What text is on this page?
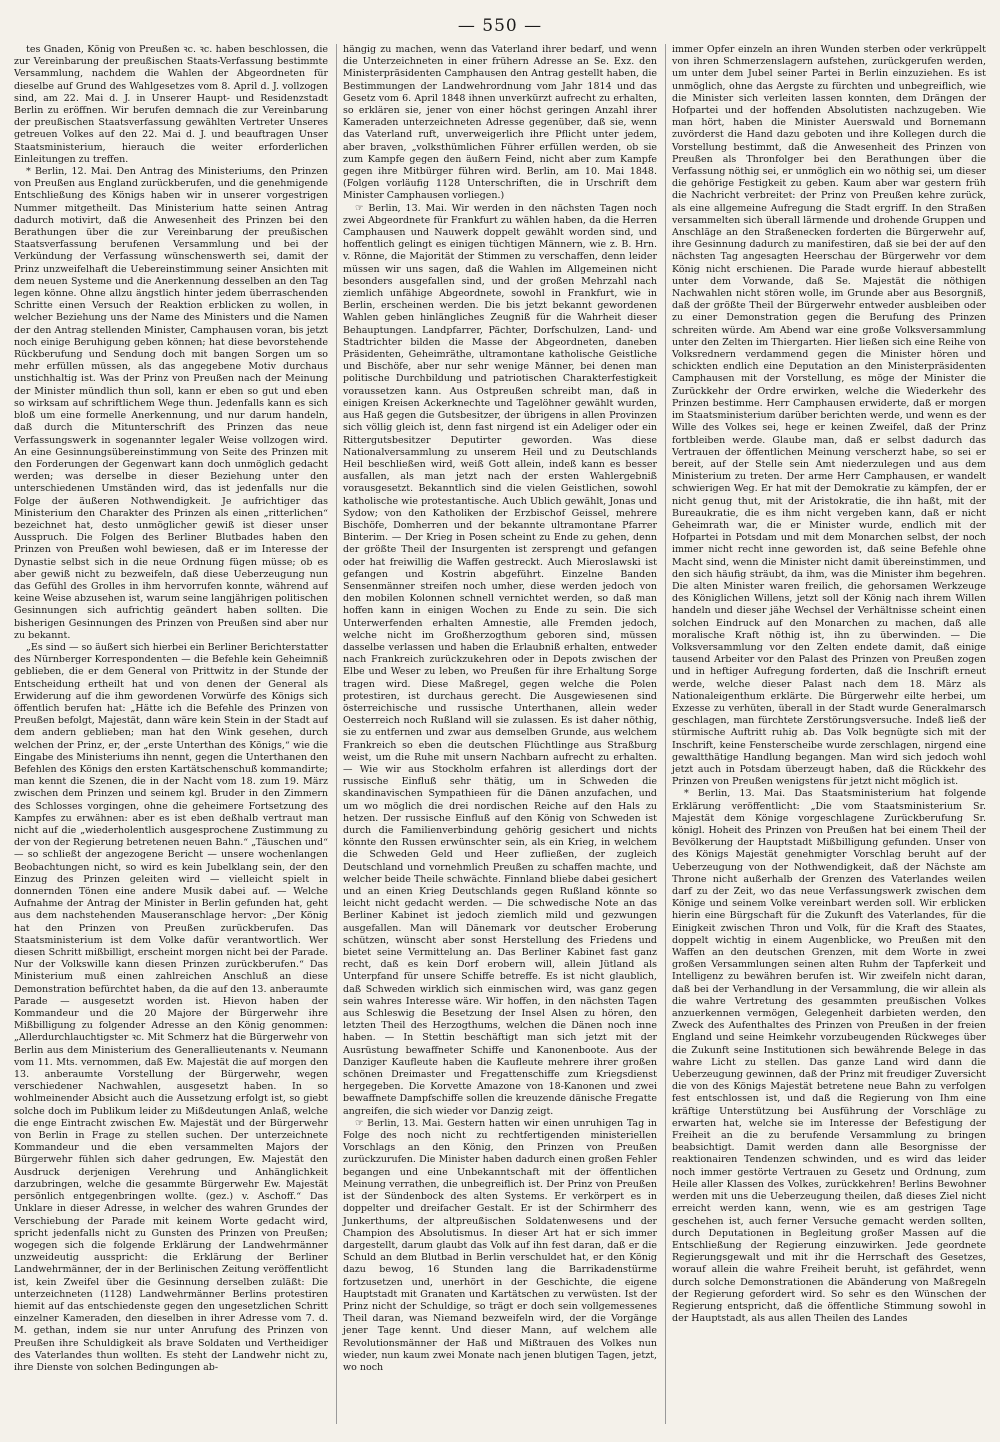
— 550 —

tes Gnaden, König von Preußen ꝛc. ꝛc. haben beschlossen, die zur Vereinbarung der preußischen Staats-Verfassung bestimmte Versammlung, nachdem die Wahlen der Abgeordneten für dieselbe auf Grund des Wahlgesetzes vom 8. April d. J. vollzogen sind, am 22. Mai d. J. in Unserer Haupt- und Residenzstadt Berlin zu eröffnen. Wir berufen demnach die zur Vereinbarung der preußischen Staatsverfassung gewählten Vertreter Unseres getreuen Volkes auf den 22. Mai d. J. und beauftragen Unser Staatsministerium, hierauch die weiter erforderlichen Einleitungen zu treffen.

* Berlin, 12. Mai. Den Antrag des Ministeriums, den Prinzen von Preußen aus England zurückberufen, und die genehmigende Entschließung des Königs haben wir in unserer vorgestrigen Nummer mitgetheilt. Das Ministerium hatte seinen Antrag dadurch motivirt, daß die Anwesenheit des Prinzen bei den Berathungen über die zur Vereinbarung der preußischen Staatsverfassung berufenen Versammlung und bei der Verkündung der Verfassung wünschenswerth sei, damit der Prinz unzweifelhaft die Uebereinstimmung seiner Ansichten mit dem neuen Systeme und die Anerkennung desselben an den Tag legen könne. Ohne allzu ängstlich hinter jedem überraschenden Schritte einen Versuch der Reaktion erblicken zu wollen, in welcher Beziehung uns der Name des Ministers und die Namen der den Antrag stellenden Minister, Camphausen voran, bis jetzt noch einige Beruhigung geben können; hat diese bevorstehende Rückberufung und Sendung doch mit bangen Sorgen um so mehr erfüllen müssen, als das angegebene Motiv durchaus unstichhaltig ist. Was der Prinz von Preußen nach der Meinung der Minister mündlich thun soll, kann er eben so gut und eben so wirksam auf schriftlichem Wege thun. Jedenfalls kann es sich bloß um eine formelle Anerkennung, und nur darum handeln, daß durch die Mitunterschrift des Prinzen das neue Verfassungswerk in sogenannter legaler Weise vollzogen wird. An eine Gesinnungsübereinstimmung von Seite des Prinzen mit den Forderungen der Gegenwart kann doch unmöglich gedacht werden; was derselbe in dieser Beziehung unter den unterschiedenen Umständen wird, das ist jedenfalls nur die Folge der äußeren Nothwendigkeit. Je aufrichtiger das Ministerium den Charakter des Prinzen als einen „ritterlichen“ bezeichnet hat, desto unmöglicher gewiß ist dieser unser Ausspruch. Die Folgen des Berliner Blutbades haben den Prinzen von Preußen wohl bewiesen, daß er im Interesse der Dynastie selbst sich in die neue Ordnung fügen müsse; ob es aber gewiß nicht zu bezweifeln, daß diese Ueberzeugung nun das Gefühl des Grolles in ihm hervorrufen konnte, während auf keine Weise abzusehen ist, warum seine langjährigen politischen Gesinnungen sich aufrichtig geändert haben sollten. Die bisherigen Gesinnungen des Prinzen von Preußen sind aber nur zu bekannt.

„Es sind — so äußert sich hierbei ein Berliner Berichterstatter des Nürnberger Korrespondenten — die Befehle kein Geheimniß geblieben, die er dem General von Prittwitz in der Stunde der Entscheidung ertheilt hat und von denen der General als Erwiderung auf die ihm gewordenen Vorwürfe des Königs sich öffentlich berufen hat: „Hätte ich die Befehle des Prinzen von Preußen befolgt, Majestät, dann wäre kein Stein in der Stadt auf dem andern geblieben; man hat den Wink gesehen, durch welchen der Prinz, er, der „erste Unterthan des Königs,“ wie die Eingabe des Ministeriums ihn nennt, gegen die Unterthanen den Befehlen des Königs den ersten Kartätschenschuß kommandirte; man kennt die Szenen, die in der Nacht vom 18. zum 19. März zwischen dem Prinzen und seinem kgl. Bruder in den Zimmern des Schlosses vorgingen, ohne die geheimere Fortsetzung des Kampfes zu erwähnen: aber es ist eben deßhalb vertraut man nicht auf die „wiederholentlich ausgesprochene Zustimmung zu der von der Regierung betretenen neuen Bahn.“ „Täuschen und“ — so schließt der angezogene Bericht — unsere wochenlangen Beobachtungen nicht, so wird es kein Jubelklang sein, der den Einzug des Prinzen geleiten wird — vielleicht spielt in donnernden Tönen eine andere Musik dabei auf. — Welche Aufnahme der Antrag der Minister in Berlin gefunden hat, geht aus dem nachstehenden Mauseranschlage hervor: „Der König hat den Prinzen von Preußen zurückberufen. Das Staatsministerium ist dem Volke dafür verantwortlich. Wer diesen Schritt mißbilligt, erscheint morgen nicht bei der Parade. Nur der Volkswille kann diesen Prinzen zurückberufen.“ Das Ministerium muß einen zahlreichen Anschluß an diese Demonstration befürchtet haben, da die auf den 13. anberaumte Parade — ausgesetzt worden ist. Hievon haben der Kommandeur und die 20 Majore der Bürgerwehr ihre Mißbilligung zu folgender Adresse an den König genommen: „Allerdurchlauchtigster ꝛc. Mit Schmerz hat die Bürgerwehr von Berlin aus dem Ministerium des Generallieutenants v. Neumann vom 11. Mts. vernommen, daß Ew. Majestät die auf morgen den 13. anberaumte Vorstellung der Bürgerwehr, wegen verschiedener Nachwahlen, ausgesetzt haben. In so wohlmeinender Absicht auch die Aussetzung erfolgt ist, so giebt solche doch im Publikum leider zu Mißdeutungen Anlaß, welche die enge Eintracht zwischen Ew. Majestät und der Bürgerwehr von Berlin in Frage zu stellen suchen. Der unterzeichnete Kommandeur und die eben versammelten Majors der Bürgerwehr fühlen sich daher gedrungen, Ew. Majestät den Ausdruck derjenigen Verehrung und Anhänglichkeit darzubringen, welche die gesammte Bürgerwehr Ew. Majestät persönlich entgegenbringen wollte. (gez.) v. Aschoff.“ Das Unklare in dieser Adresse, in welcher des wahren Grundes der Verschiebung der Parade mit keinem Worte gedacht wird, spricht jedenfalls nicht zu Gunsten des Prinzen von Preußen; wogegen sich die folgende Erklärung der Landwehrmänner unzweideutig ausspricht: die Erklärung der Berliner Landwehrmänner, der in der Berlinischen Zeitung veröffentlicht ist, kein Zweifel über die Gesinnung derselben zuläßt: Die unterzeichneten (1128) Landwehrmänner Berlins protestiren hiemit auf das entschiedenste gegen den ungesetzlichen Schritt einzelner Kameraden, den dieselben in ihrer Adresse vom 7. d. M. gethan, indem sie nur unter Anrufung des Prinzen von Preußen ihre Schuldigkeit als brave Soldaten und Vertheidiger des Vaterlandes thun wollten. Es steht der Landwehr nicht zu, ihre Dienste von solchen Bedingungen ab-

hängig zu machen, wenn das Vaterland ihrer bedarf, und wenn die Unterzeichneten in einer frühern Adresse an Se. Exz. den Ministerpräsidenten Camphausen den Antrag gestellt haben, die Bestimmungen der Landwehrordnung vom Jahr 1814 und das Gesetz vom 6. April 1848 ihnen unverkürzt aufrecht zu erhalten, so erklären sie, jener von einer höchst geringen Anzahl ihrer Kameraden unterzeichneten Adresse gegenüber, daß sie, wenn das Vaterland ruft, unverweigerlich ihre Pflicht unter jedem, aber braven, „volksthümlichen Führer erfüllen werden, ob sie zum Kampfe gegen den äußern Feind, nicht aber zum Kampfe gegen ihre Mitbürger führen wird. Berlin, am 10. Mai 1848. (Folgen vorläufig 1128 Unterschriften, die in Urschrift dem Minister Camphausen vorliegen.)

☞ Berlin, 13. Mai. Wir werden in den nächsten Tagen noch zwei Abgeordnete für Frankfurt zu wählen haben, da die Herren Camphausen und Nauwerk doppelt gewählt worden sind, und hoffentlich gelingt es einigen tüchtigen Männern, wie z. B. Hrn. v. Rönne, die Majorität der Stimmen zu verschaffen, denn leider müssen wir uns sagen, daß die Wahlen im Allgemeinen nicht besonders ausgefallen sind, und der großen Mehrzahl nach ziemlich unfähige Abgeordnete, sowohl in Frankfurt, wie in Berlin, erscheinen werden. Die bis jetzt bekannt gewordenen Wahlen geben hinlängliches Zeugniß für die Wahrheit dieser Behauptungen. Landpfarrer, Pächter, Dorfschulzen, Land- und Stadtrichter bilden die Masse der Abgeordneten, daneben Präsidenten, Geheimräthe, ultramontane katholische Geistliche und Bischöfe, aber nur sehr wenige Männer, bei denen man politische Durchbildung und patriotischen Charakterfestigkeit voraussetzen kann. Aus Ostpreußen schreibt man, daß in einigen Kreisen Ackerknechte und Tagelöhner gewählt wurden, aus Haß gegen die Gutsbesitzer, der übrigens in allen Provinzen sich völlig gleich ist, denn fast nirgend ist ein Adeliger oder ein Rittergutsbesitzer Deputirter geworden. Was diese Nationalversammlung zu unserem Heil und zu Deutschlands Heil beschließen wird, weiß Gott allein, indeß kann es besser ausfallen, als man jetzt nach der ersten Wahlergebniß vorausgesetzt. Bekanntlich sind die vielen Geistlichen, sowohl katholische wie protestantische. Auch Ublich gewählt, Jonas und Sydow; von den Katholiken der Erzbischof Geissel, mehrere Bischöfe, Domherren und der bekannte ultramontane Pfarrer Binterim. — Der Krieg in Posen scheint zu Ende zu gehen, denn der größte Theil der Insurgenten ist zersprengt und gefangen oder hat freiwillig die Waffen gestreckt. Auch Mieroslawski ist gefangen und Kostrin abgeführt. Einzelne Banden Sensenmänner streifen noch umher, diese werden jedoch von den mobilen Kolonnen schnell vernichtet werden, so daß man hoffen kann in einigen Wochen zu Ende zu sein. Die sich Unterwerfenden erhalten Amnestie, alle Fremden jedoch, welche nicht im Großherzogthum geboren sind, müssen dasselbe verlassen und haben die Erlaubniß erhalten, entweder nach Frankreich zurückzukehren oder in Depots zwischen der Elbe und Weser zu leben, wo Preußen für ihre Erhaltung Sorge tragen wird. Diese Maßregel, gegen welche die Polen protestiren, ist durchaus gerecht. Die Ausgewiesenen sind österreichische und russische Unterthanen, allein weder Oesterreich noch Rußland will sie zulassen. Es ist daher nöthig, sie zu entfernen und zwar aus demselben Grunde, aus welchem Frankreich so eben die deutschen Flüchtlinge aus Straßburg weist, um die Ruhe mit unsern Nachbarn aufrecht zu erhalten. — Wie wir aus Stockholm erfahren ist allerdings dort der russische Einfluß sehr thätig, um in Schweden die skandinavischen Sympathieen für die Dänen anzufachen, und um wo möglich die drei nordischen Reiche auf den Hals zu hetzen. Der russische Einfluß auf den König von Schweden ist durch die Familienverbindung gehörig gesichert und nichts könnte den Russen erwünschter sein, als ein Krieg, in welchem die Schweden Geld und Heer zufließen, der zugleich Deutschland und vornehmlich Preußen zu schaffen machte, und welcher beide Theile schwächte. Finnland bliebe dabei gesichert und an einen Krieg Deutschlands gegen Rußland könnte so leicht nicht gedacht werden. — Die schwedische Note an das Berliner Kabinet ist jedoch ziemlich mild und gezwungen ausgefallen. Man will Dänemark vor deutscher Eroberung schützen, wünscht aber sonst Herstellung des Friedens und bietet seine Vermittelung an. Das Berliner Kabinet fast ganz recht, daß es kein Dorf erobern will, allein Jütland als Unterpfand für unsere Schiffe betreffe. Es ist nicht glaublich, daß Schweden wirklich sich einmischen wird, was ganz gegen sein wahres Interesse wäre. Wir hoffen, in den nächsten Tagen aus Schleswig die Besetzung der Insel Alsen zu hören, den letzten Theil des Herzogthums, welchen die Dänen noch inne haben. — In Stettin beschäftigt man sich jetzt mit der Ausrüstung bewaffneter Schiffe und Kanonenboote. Aus der Danziger Kaufleute haben die Kaufleute mehrere ihrer großen schönen Dreimaster und Fregattenschiffe zum Kriegsdienst hergegeben. Die Korvette Amazone von 18-Kanonen und zwei bewaffnete Dampfschiffe sollen die kreuzende dänische Fregatte angreifen, die sich wieder vor Danzig zeigt.

☞ Berlin, 13. Mai. Gestern hatten wir einen unruhigen Tag in Folge des noch nicht zu rechtfertigenden ministeriellen Vorschlags an den König, den Prinzen von Preußen zurückzurufen. Die Minister haben dadurch einen großen Fehler begangen und eine Unbekanntschaft mit der öffentlichen Meinung verrathen, die unbegreiflich ist. Der Prinz von Preußen ist der Sündenbock des alten Systems. Er verkörpert es in doppelter und dreifacher Gestalt. Er ist der Schirmherr des Junkerthums, der altpreußischen Soldatenwesens und der Champion des Absolutismus. In dieser Art hat er sich immer dargestellt, darum glaubt das Volk auf ihn fest daran, daß er die Schuld an dem Blutbad in Berlin verschuldet hat, er den König dazu bewog, 16 Stunden lang die Barrikadenstürme fortzusetzen und, unerhört in der Geschichte, die eigene Hauptstadt mit Granaten und Kartätschen zu verwüsten. Ist der Prinz nicht der Schuldige, so trägt er doch sein vollgemessenes Theil daran, was Niemand bezweifeln wird, der die Vorgänge jener Tage kennt. Und dieser Mann, auf welchem alle Revolutionsmänner der Haß und Mißtrauen des Volkes nun wieder, nun kaum zwei Monate nach jenen blutigen Tagen, jetzt, wo noch

immer Opfer einzeln an ihren Wunden sterben oder verkrüppelt von ihren Schmerzenslagern aufstehen, zurückgerufen werden, um unter dem Jubel seiner Partei in Berlin einzuziehen. Es ist unmöglich, ohne das Aergste zu fürchten und unbegreiflich, wie die Minister sich verleiten lassen konnten, dem Drängen der Hofpartei und der hoffenden Absolutisten nachzugeben. Wie man hört, haben die Minister Auerswald und Bornemann zuvörderst die Hand dazu geboten und ihre Kollegen durch die Vorstellung bestimmt, daß die Anwesenheit des Prinzen von Preußen als Thronfolger bei den Berathungen über die Verfassung nöthig sei, er unmöglich ein wo nöthig sei, um dieser die gehörige Festigkeit zu geben. Kaum aber war gestern früh die Nachricht verbreitet: der Prinz von Preußen kehre zurück, als eine allgemeine Aufregung die Stadt ergriff. In den Straßen versammelten sich überall lärmende und drohende Gruppen und Anschläge an den Straßenecken forderten die Bürgerwehr auf, ihre Gesinnung dadurch zu manifestiren, daß sie bei der auf den nächsten Tag angesagten Heerschau der Bürgerwehr vor dem König nicht erschienen. Die Parade wurde hierauf abbestellt unter dem Vorwande, daß Se. Majestät die nöthigen Nachwahlen nicht stören wolle, im Grunde aber aus Besorgniß, daß der größte Theil der Bürgerwehr entweder ausbleiben oder zu einer Demonstration gegen die Berufung des Prinzen schreiten würde. Am Abend war eine große Volksversammlung unter den Zelten im Thiergarten. Hier ließen sich eine Reihe von Volksrednern verdammend gegen die Minister hören und schickten endlich eine Deputation an den Ministerpräsidenten Camphausen mit der Vorstellung, es möge der Minister die Zurückkehr der Ordre erwirken, welche die Wiederkehr des Prinzen bestimme. Herr Camphausen erwiderte, daß er morgen im Staatsministerium darüber berichten werde, und wenn es der Wille des Volkes sei, hege er keinen Zweifel, daß der Prinz fortbleiben werde. Glaube man, daß er selbst dadurch das Vertrauen der öffentlichen Meinung verscherzt habe, so sei er bereit, auf der Stelle sein Amt niederzulegen und aus dem Ministerium zu treten. Der arme Herr Camphausen, er wandelt schwierigen Weg. Er hat mit der Demokratie zu kämpfen, der er nicht genug thut, mit der Aristokratie, die ihn haßt, mit der Bureaukratie, die es ihm nicht vergeben kann, daß er nicht Geheimrath war, die er Minister wurde, endlich mit der Hofpartei in Potsdam und mit dem Monarchen selbst, der noch immer nicht recht inne geworden ist, daß seine Befehle ohne Macht sind, wenn die Minister nicht damit übereinstimmen, und den sich häufig sträubt, da ihm, was die Minister ihm begehren. Die alten Minister waren freilich, die gehorsamen Werkzeuge des Königlichen Willens, jetzt soll der König nach ihrem Willen handeln und dieser jähe Wechsel der Verhältnisse scheint einen solchen Eindruck auf den Monarchen zu machen, daß alle moralische Kraft nöthig ist, ihn zu überwinden. — Die Volksversammlung vor den Zelten endete damit, daß einige tausend Arbeiter vor den Palast des Prinzen von Preußen zogen und in heftiger Aufregung forderten, daß die Inschrift erneut werde, welche dieser Palast nach dem 18. März als Nationaleigenthum erklärte. Die Bürgerwehr eilte herbei, um Exzesse zu verhüten, überall in der Stadt wurde Generalmarsch geschlagen, man fürchtete Zerstörungsversuche. Indeß ließ der stürmische Auftritt ruhig ab. Das Volk begnügte sich mit der Inschrift, keine Fensterscheibe wurde zerschlagen, nirgend eine gewaltthätige Handlung begangen. Man wird sich jedoch wohl jetzt auch in Potsdam überzeugt haben, daß die Rückkehr des Prinzen von Preußen wenigstens für jetzt nicht möglich ist.

* Berlin, 13. Mai. Das Staatsministerium hat folgende Erklärung veröffentlicht: „Die vom Staatsministerium Sr. Majestät dem Könige vorgeschlagene Zurückberufung Sr. königl. Hoheit des Prinzen von Preußen hat bei einem Theil der Bevölkerung der Hauptstadt Mißbilligung gefunden. Unser von des Königs Majestät genehmigter Vorschlag beruht auf der Ueberzeugung von der Nothwendigkeit, daß der Nächste am Throne nicht außerhalb der Grenzen des Vaterlandes weilen darf zu der Zeit, wo das neue Verfassungswerk zwischen dem Könige und seinem Volke vereinbart werden soll. Wir erblicken hierin eine Bürgschaft für die Zukunft des Vaterlandes, für die Einigkeit zwischen Thron und Volk, für die Kraft des Staates, doppelt wichtig in einem Augenblicke, wo Preußen mit den Waffen an den deutschen Grenzen, mit dem Worte in zwei großen Versammlungen seinen alten Ruhm der Tapferkeit und Intelligenz zu bewähren berufen ist. Wir zweifeln nicht daran, daß bei der Verhandlung in der Versammlung, die wir allein als die wahre Vertretung des gesammten preußischen Volkes anzuerkennen vermögen, Gelegenheit darbieten werden, den Zweck des Aufenthaltes des Prinzen von Preußen in der freien England und seine Heimkehr vorzubeugenden Rückweges über die Zukunft seine Institutionen sich bewährende Belege in das wahre Licht zu stellen. Das ganze Land wird dann die Ueberzeugung gewinnen, daß der Prinz mit freudiger Zuversicht die von des Königs Majestät betretene neue Bahn zu verfolgen fest entschlossen ist, und daß die Regierung von Ihm eine kräftige Unterstützung bei Ausführung der Vorschläge zu erwarten hat, welche sie im Interesse der Befestigung der Freiheit an die zu berufende Versammlung zu bringen beabsichtigt. Damit werden dann alle Besorgnisse der reaktionairen Tendenzen schwinden, und es wird das leider noch immer gestörte Vertrauen zu Gesetz und Ordnung, zum Heile aller Klassen des Volkes, zurückkehren! Berlins Bewohner werden mit uns die Ueberzeugung theilen, daß dieses Ziel nicht erreicht werden kann, wenn, wie es am gestrigen Tage geschehen ist, auch ferner Versuche gemacht werden sollten, durch Deputationen in Begleitung großer Massen auf die Entschließung der Regierung einzuwirken. Jede geordnete Regierungsgewalt und mit ihr die Herrschaft des Gesetzes, worauf allein die wahre Freiheit beruht, ist gefährdet, wenn durch solche Demonstrationen die Abänderung von Maßregeln der Regierung gefordert wird. So sehr es den Wünschen der Regierung entspricht, daß die öffentliche Stimmung sowohl in der Hauptstadt, als aus allen Theilen des Landes
